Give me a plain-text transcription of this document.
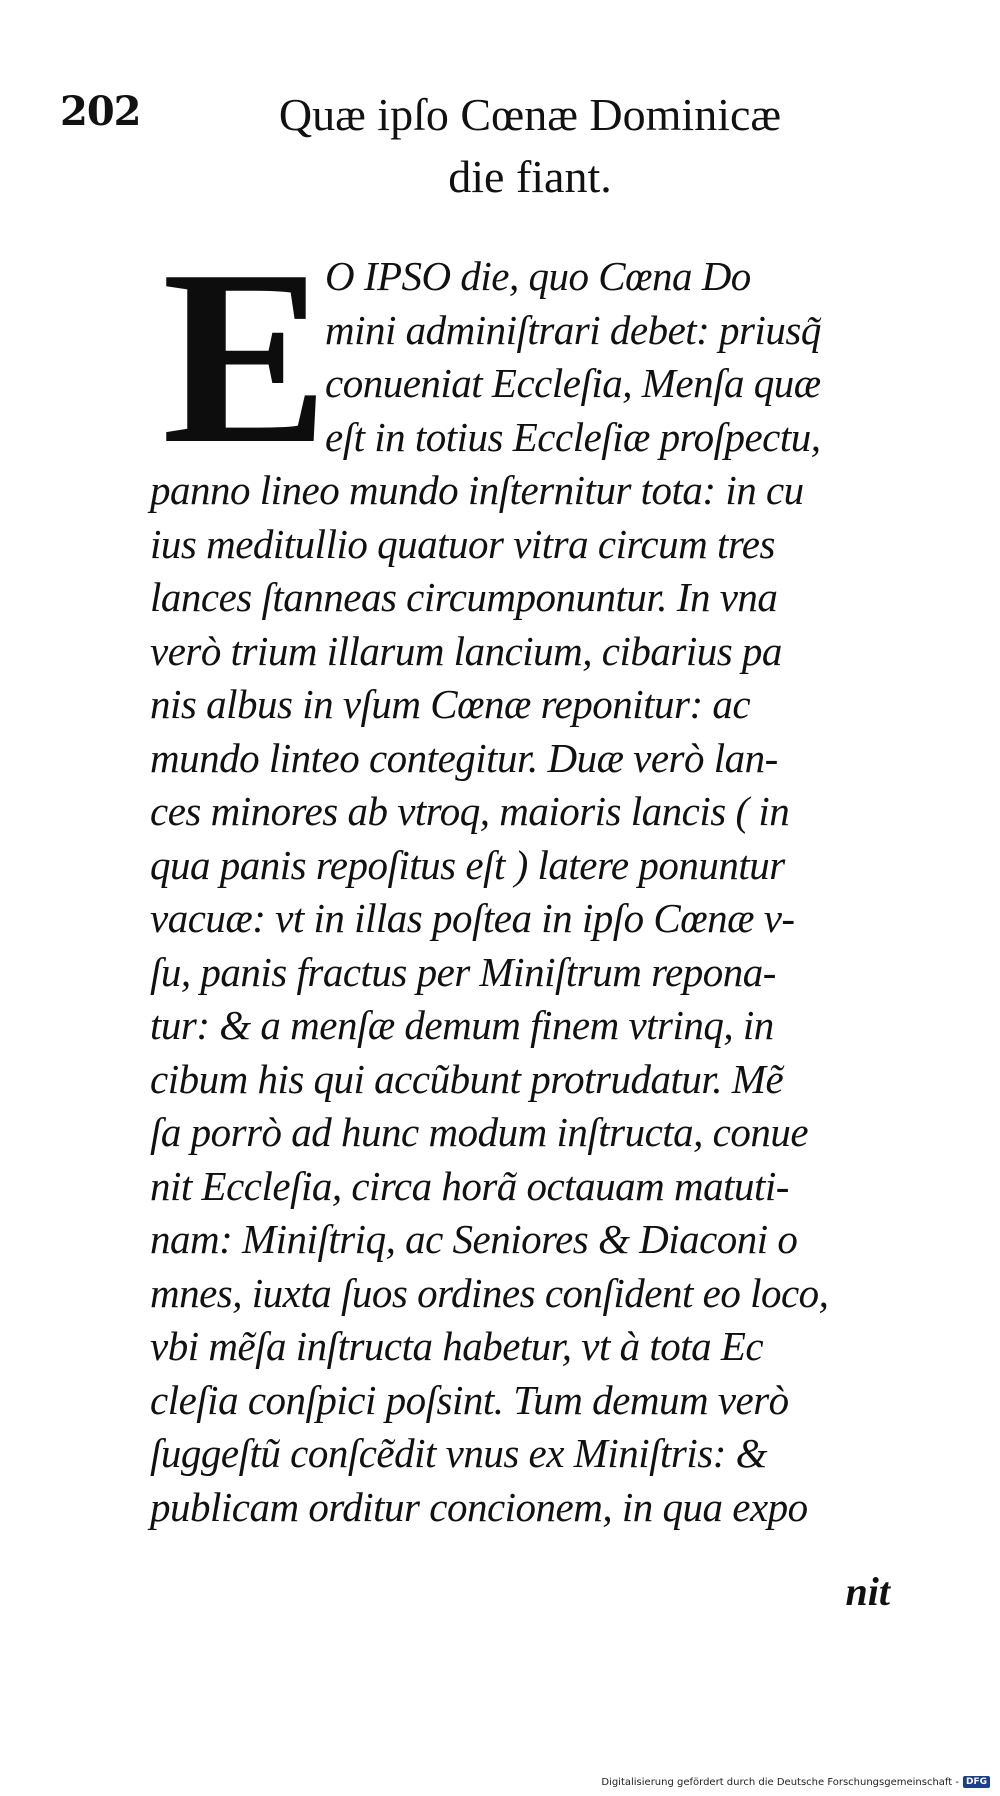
202	Quæ ipſo Cœnæ Dominicæ
die fiant.
E
O IPSO die, quo Cœna Do
mini adminiſtrari debet: priusq̃
conueniat Eccleſia, Menſa quæ
eſt in totius Eccleſiæ proſpectu,
panno lineo mundo inſternitur tota: in cu
ius meditullio quatuor vitra circum tres
lances ſtanneas circumponuntur. In vna
verò trium illarum lancium, cibarius pa
nis albus in vſum Cœnæ reponitur: ac
mundo linteo contegitur. Duæ verò lan-
ces minores ab vtroq, maioris lancis ( in
qua panis repoſitus eſt ) latere ponuntur
vacuæ: vt in illas poſtea in ipſo Cœnæ v-
ſu, panis fractus per Miniſtrum repona-
tur: & a menſæ demum finem vtrinq, in
cibum his qui accũbunt protrudatur. Mẽ
ſa porrò ad hunc modum inſtructa, conue
nit Eccleſia, circa horã octauam matuti-
nam: Miniſtriq, ac Seniores & Diaconi o
mnes, iuxta ſuos ordines conſident eo loco,
vbi mẽſa inſtructa habetur, vt à tota Ec
cleſia conſpici poſsint. Tum demum verò
ſuggeſtũ conſcẽdit vnus ex Miniſtris: &
publicam orditur concionem, in qua expo
nit
Digitalisierung gefördert durch die Deutsche Forschungsgemeinschaft - DFG
